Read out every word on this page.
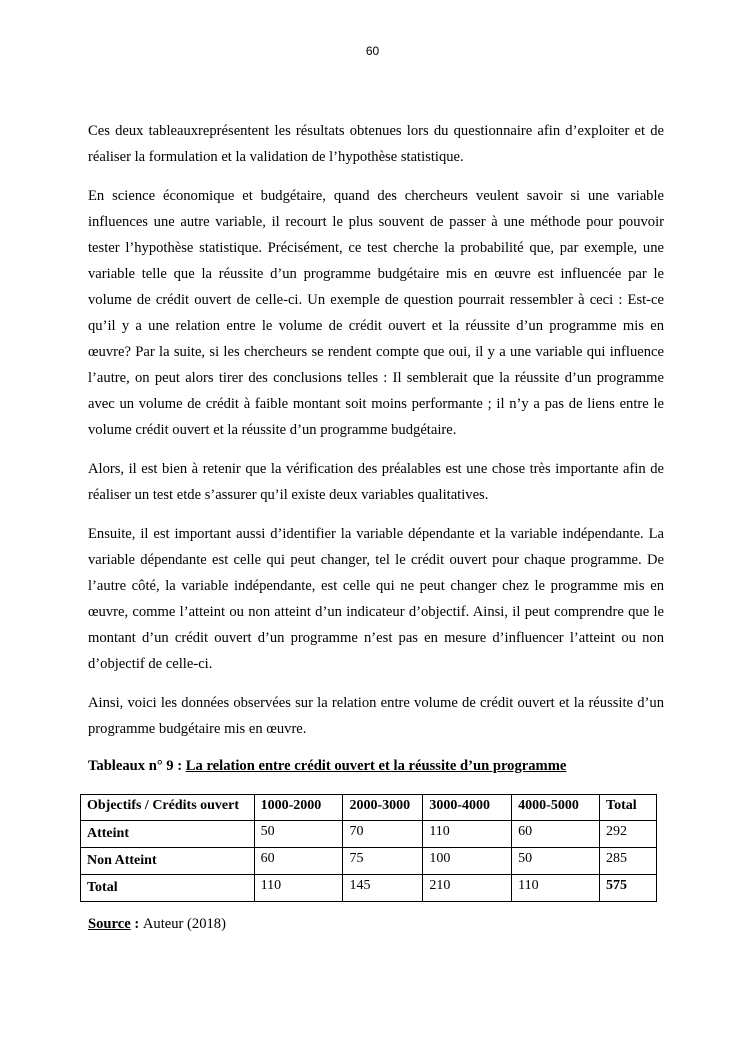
60

Ces deux tableauxreprésentent les résultats obtenues lors du questionnaire afin d’exploiter et de réaliser la formulation et la validation de l’hypothèse statistique.

En science économique et budgétaire, quand des chercheurs veulent savoir si une variable influences une autre variable, il recourt le plus souvent de passer à une méthode pour pouvoir tester l’hypothèse statistique. Précisément, ce test cherche la probabilité que, par exemple, une variable telle que la réussite d’un programme budgétaire mis en œuvre est influencée par le volume de crédit ouvert de celle-ci. Un exemple de question pourrait ressembler à ceci : Est-ce qu’il y a une relation entre le volume de crédit ouvert et la réussite d’un programme mis en œuvre? Par la suite, si les chercheurs se rendent compte que oui, il y a une variable qui influence l’autre, on peut alors tirer des conclusions telles : Il semblerait que la réussite d’un programme avec un volume de crédit à faible montant soit moins performante ; il n’y a pas de liens entre le volume crédit ouvert et la réussite d’un programme budgétaire.

Alors, il est bien à retenir que la vérification des préalables est une chose très importante afin de réaliser un test etde s’assurer qu’il existe deux variables qualitatives.

Ensuite, il est important aussi d’identifier la variable dépendante et la variable indépendante. La variable dépendante est celle qui peut changer, tel le crédit ouvert pour chaque programme. De l’autre côté, la variable indépendante, est celle qui ne peut changer chez le programme mis en œuvre, comme l’atteint ou non atteint d’un indicateur d’objectif. Ainsi, il peut comprendre que le montant d’un crédit ouvert d’un programme n’est pas en mesure d’influencer l’atteint ou non d’objectif de celle-ci.

Ainsi, voici les données observées sur la relation entre volume de crédit ouvert et la réussite d’un programme budgétaire mis en œuvre.

Tableaux n° 9 : La relation entre crédit ouvert et la réussite d’un programme
Objectifs / Crédits ouvert	1000-2000	2000-3000	3000-4000	4000-5000	Total
Atteint	50	70	110	60	292
Non Atteint	60	75	100	50	285
Total	110	145	210	110	575
Source : Auteur (2018)
